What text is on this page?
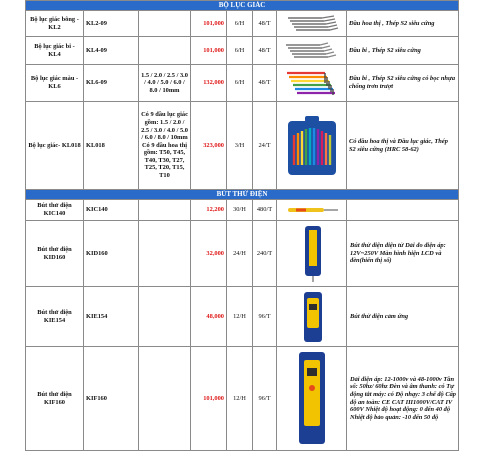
BỘ LỤC GIÁC							
Bộ lục giác bông - KL2	KL2-09		101,000	6/H	48/T		Đầu hoa thị , Thép S2 siêu cứng
Bộ lục giác bi - KL4	KL4-09		101,000	6/H	48/T		Đầu bi , Thép S2 siêu cứng
Bộ lục giác màu - KL6	KL6-09	1.5 / 2.0 / 2.5 / 3.0 / 4.0 / 5.0 / 6.0 / 8.0 / 10mm	132,000	6/H	48/T		Đầu bi , Thép S2 siêu cứng có bọc nhựa chống trơn trượt
Bộ lục giác- KL018	KL018	Có 9 đầu lục giác gồm: 1.5 / 2.0 / 2.5 / 3.0 / 4.0 / 5.0 / 6.0 / 8.0 / 10mm Có 9 đầu hoa thị gồm: T50, T45, T40, T30, T27, T25, T20, T15, T10	323,000	3/H	24/T		Có đầu hoa thị và Đầu lục giác, Thép S2 siêu cứng (HRC 58-62)
BÚT THỬ ĐIỆN							
Bút thử điện KIC140	KIC140		12,200	30/H	480/T	

Bút thử điện KID160	KID160		32,000	24/H	240/T		Bút thử điện điện tử Dải đo điện áp: 12V~250V Màn hình hiện LCD và đèn(hiển thị số)
Bút thử điện KIE154	KIE154		48,000	12/H	96/T		Bút thử điện cảm ứng
Bút thử điện KIF160	KIF160		101,000	12/H	96/T		Dải điện áp: 12-1000v và 48-1000v Tần số: 50hz/ 60hz Đèn và âm thanh: có Tự động tắt máy: có Độ nhạy: 3 chế độ Cấp độ an toàn: CE CAT III1000V/CAT IV 600V Nhiệt độ hoạt động: 0 đến 40 độ Nhiệt độ bảo quản: -10 đến 50 độ
